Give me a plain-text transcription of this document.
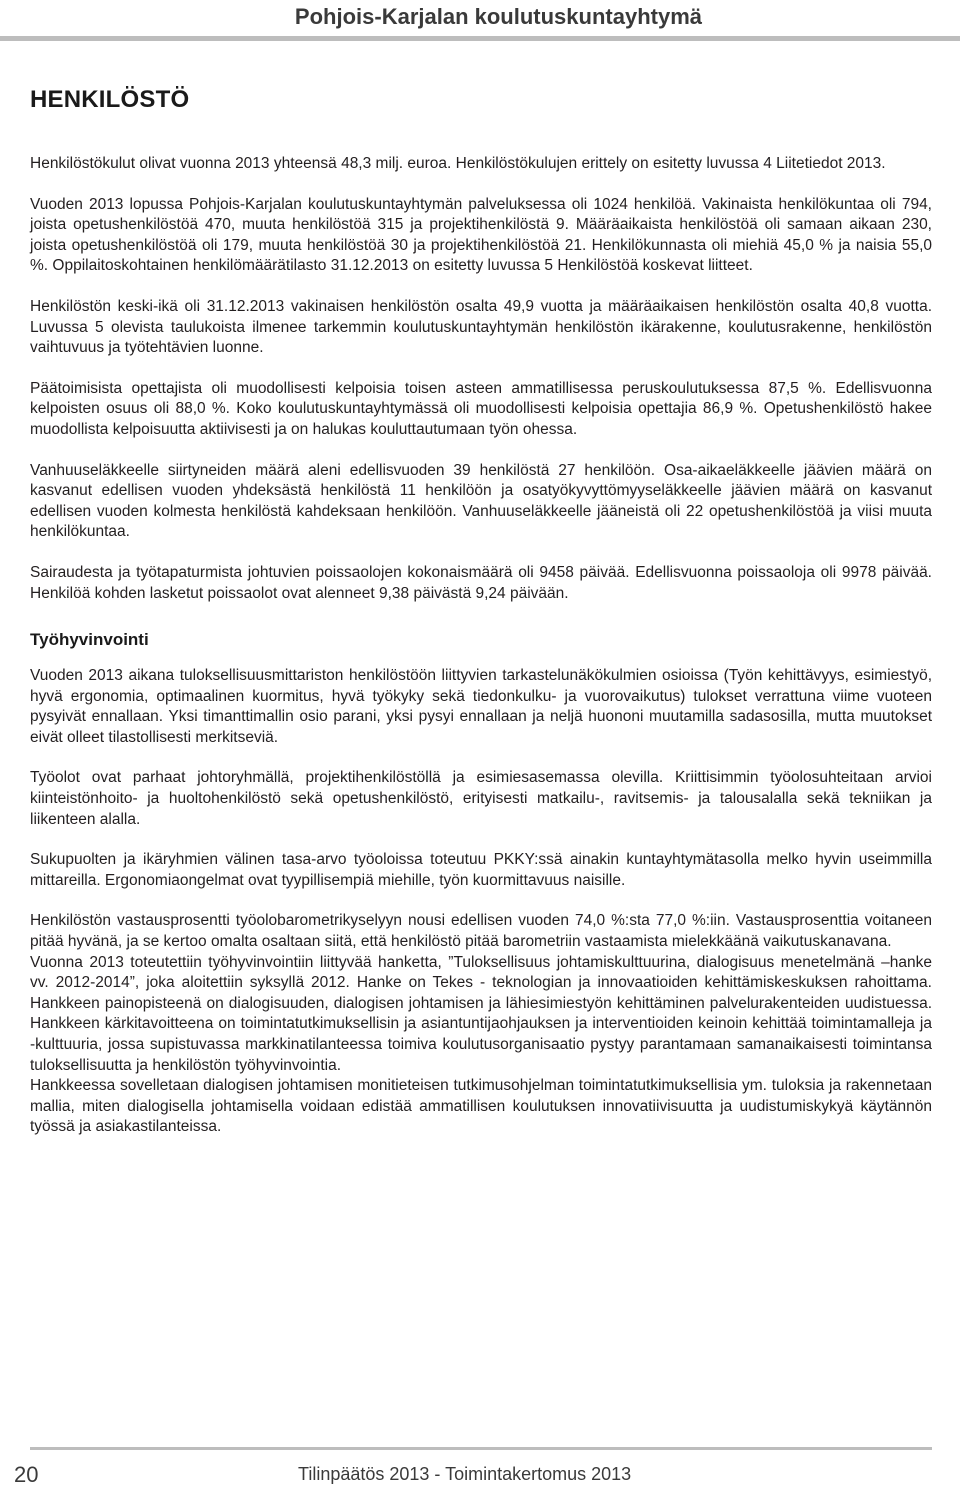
Pohjois-Karjalan koulutuskuntayhtymä
HENKILÖSTÖ

Henkilöstökulut olivat vuonna 2013 yhteensä 48,3 milj. euroa. Henkilöstökulujen erittely on esitetty luvussa 4 Liitetiedot 2013.

Vuoden 2013 lopussa Pohjois-Karjalan koulutuskuntayhtymän palveluksessa oli 1024 henkilöä. Vakinaista henkilökuntaa oli 794, joista opetushenkilöstöä 470, muuta henkilöstöä 315 ja projektihenkilöstä 9. Määräaikaista henkilöstöä oli samaan aikaan 230, joista opetushenkilöstöä oli 179, muuta henkilöstöä 30 ja projektihenkilöstöä 21. Henkilökunnasta oli miehiä 45,0 % ja naisia 55,0 %. Oppilaitoskohtainen henkilömäärätilasto 31.12.2013 on esitetty luvussa 5 Henkilöstöä koskevat liitteet.

Henkilöstön keski-ikä oli 31.12.2013 vakinaisen henkilöstön osalta 49,9 vuotta ja määräaikaisen henkilöstön osalta 40,8 vuotta. Luvussa 5 olevista taulukoista ilmenee tarkemmin koulutuskuntayhtymän henkilöstön ikärakenne, koulutusrakenne, henkilöstön vaihtuvuus ja työtehtävien luonne.

Päätoimisista opettajista oli muodollisesti kelpoisia toisen asteen ammatillisessa peruskoulutuksessa 87,5 %. Edellisvuonna kelpoisten osuus oli 88,0 %. Koko koulutuskuntayhtymässä oli muodollisesti kelpoisia opettajia 86,9 %. Opetushenkilöstö hakee muodollista kelpoisuutta aktiivisesti ja on halukas kouluttautumaan työn ohessa.

Vanhuuseläkkeelle siirtyneiden määrä aleni edellisvuoden 39 henkilöstä 27 henkilöön. Osa-aikaeläkkeelle jäävien määrä on kasvanut edellisen vuoden yhdeksästä henkilöstä 11 henkilöön ja osatyökyvyttömyyseläkkeelle jäävien määrä on kasvanut edellisen vuoden kolmesta henkilöstä kahdeksaan henkilöön. Vanhuuseläkkeelle jääneistä oli 22 opetushenkilöstöä ja viisi muuta henkilökuntaa.

Sairaudesta ja työtapaturmista johtuvien poissaolojen kokonaismäärä oli 9458 päivää. Edellisvuonna poissaoloja oli 9978 päivää. Henkilöä kohden lasketut poissaolot ovat alenneet 9,38 päivästä 9,24 päivään.

Työhyvinvointi

Vuoden 2013 aikana tuloksellisuusmittariston henkilöstöön liittyvien tarkastelunäkökulmien osioissa (Työn kehittävyys, esimiestyö, hyvä ergonomia, optimaalinen kuormitus, hyvä työkyky sekä tiedonkulku- ja vuorovaikutus) tulokset verrattuna viime vuoteen pysyivät ennallaan. Yksi timanttimallin osio parani, yksi pysyi ennallaan ja neljä huononi muutamilla sadasosilla, mutta muutokset eivät olleet tilastollisesti merkitseviä.

Työolot ovat parhaat johtoryhmällä, projektihenkilöstöllä ja esimiesasemassa olevilla. Kriittisimmin työolosuhteitaan arvioi kiinteistönhoito- ja huoltohenkilöstö sekä opetushenkilöstö, erityisesti matkailu-, ravitsemis- ja talousalalla sekä tekniikan ja liikenteen alalla.

Sukupuolten ja ikäryhmien välinen tasa-arvo työoloissa toteutuu PKKY:ssä ainakin kuntayhtymätasolla melko hyvin useimmilla mittareilla. Ergonomiaongelmat ovat tyypillisempiä miehille, työn kuormittavuus naisille.

Henkilöstön vastausprosentti työolobarometrikyselyyn nousi edellisen vuoden 74,0 %:sta 77,0 %:iin. Vastausprosenttia voitaneen pitää hyvänä, ja se kertoo omalta osaltaan siitä, että henkilöstö pitää barometriin vastaamista mielekkäänä vaikutuskanavana.

Vuonna 2013 toteutettiin työhyvinvointiin liittyvää hanketta, ”Tuloksellisuus johtamiskulttuurina, dialogisuus menetelmänä –hanke vv. 2012-2014”, joka aloitettiin syksyllä 2012. Hanke on Tekes - teknologian ja innovaatioiden kehittämiskeskuksen rahoittama. Hankkeen painopisteenä on dialogisuuden, dialogisen johtamisen ja lähiesimiestyön kehittäminen palvelurakenteiden uudistuessa. Hankkeen kärkitavoitteena on toimintatutkimuksellisin ja asiantuntijaohjauksen ja interventioiden keinoin kehittää toimintamalleja ja -kulttuuria, jossa supistuvassa markkinatilanteessa toimiva koulutusorganisaatio pystyy parantamaan samanaikaisesti toimintansa tuloksellisuutta ja henkilöstön työhyvinvointia.

Hankkeessa sovelletaan dialogisen johtamisen monitieteisen tutkimusohjelman toimintatutkimuksellisia ym. tuloksia ja rakennetaan mallia, miten dialogisella johtamisella voidaan edistää ammatillisen koulutuksen innovatiivisuutta ja uudistumiskykyä käytännön työssä ja asiakastilanteissa.

20	Tilinpäätös 2013 - Toimintakertomus 2013
